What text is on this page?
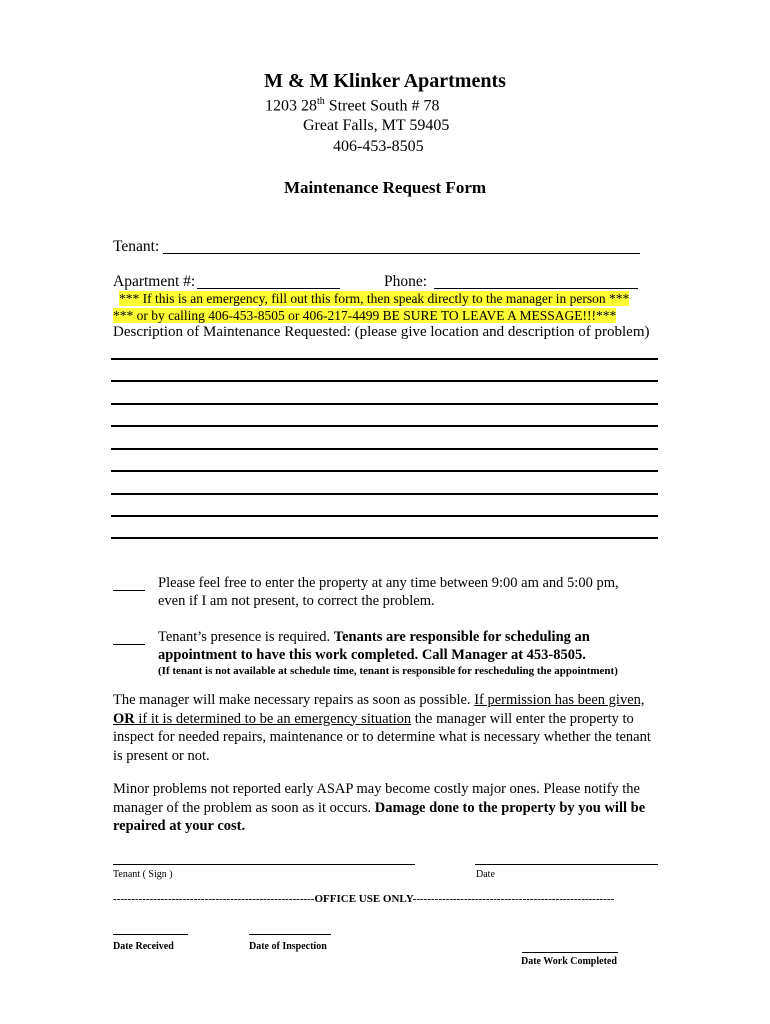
M & M Klinker Apartments
1203 28th Street South # 78
Great Falls, MT 59405
406-453-8505
Maintenance Request Form
Tenant:
Apartment #:	Phone:
*** If this is an emergency, fill out this form, then speak directly to the manager in person ***
*** or by calling 406-453-8505 or 406-217-4499 BE SURE TO LEAVE A MESSAGE!!!***
Description of Maintenance Requested: (please give location and description of problem)
Please feel free to enter the property at any time between 9:00 am and 5:00 pm,
even if I am not present, to correct the problem.
Tenant’s presence is required. Tenants are responsible for scheduling an
appointment to have this work completed. Call Manager at 453-8505.
(If tenant is not available at schedule time, tenant is responsible for rescheduling the appointment)
The manager will make necessary repairs as soon as possible. If permission has been given, OR if it is determined to be an emergency situation the manager will enter the property to inspect for needed repairs, maintenance or to determine what is necessary whether the tenant is present or not.
Minor problems not reported early ASAP may become costly major ones. Please notify the manager of the problem as soon as it occurs. Damage done to the property by you will be repaired at your cost.
Tenant ( Sign )	Date
-------------------------------------------------------OFFICE USE ONLY-------------------------------------------------------
Date Received	Date of Inspection
Date Work Completed
